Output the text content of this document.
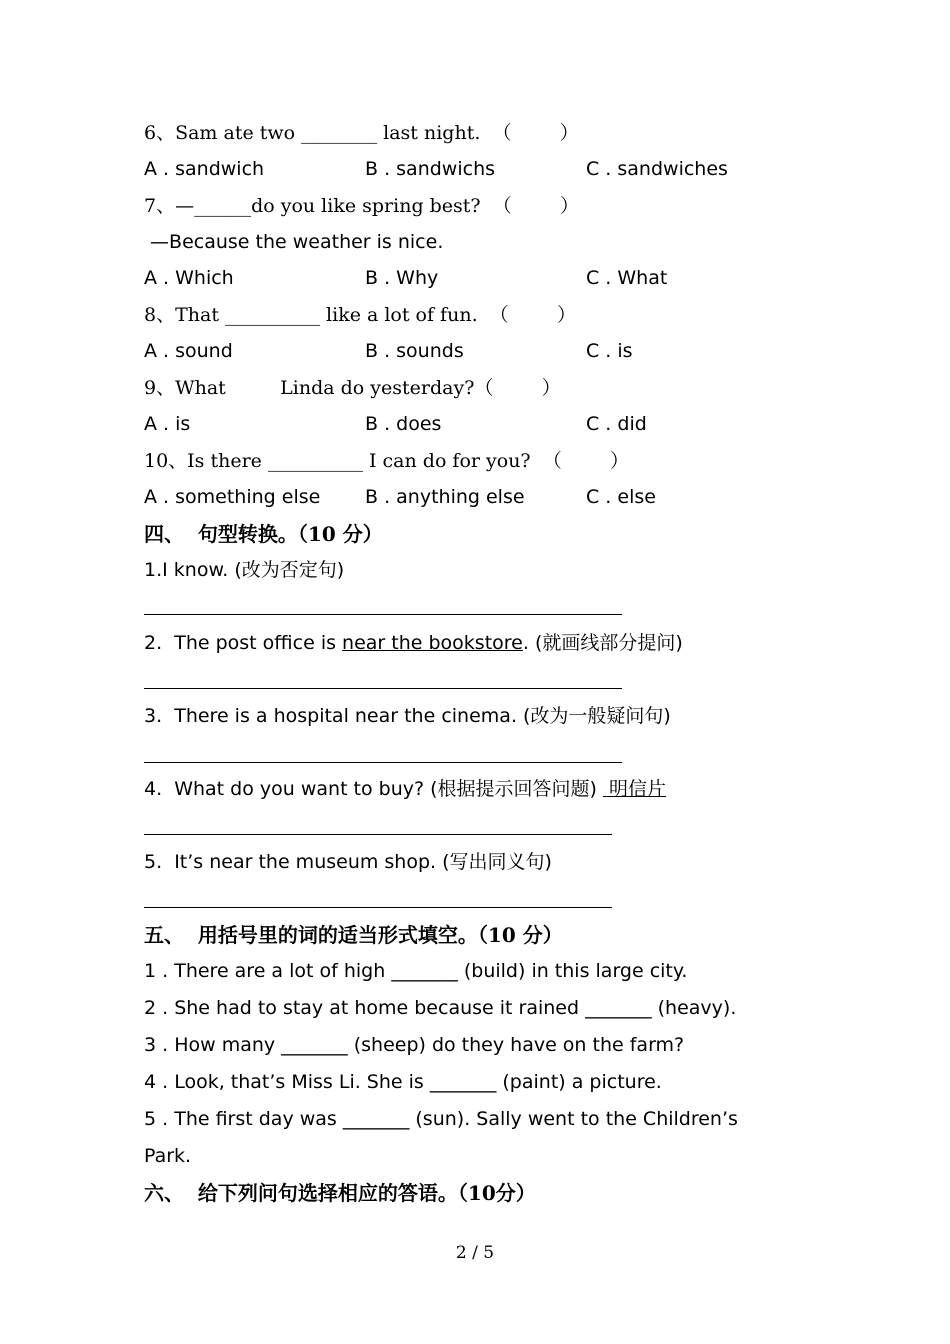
6、Sam ate two ________ last night.  （        ）
A . sandwich	B . sandwichs	C . sandwiches
7、—______do you like spring best?  （        ）
—Because the weather is nice.
A . Which	B . Why	C . What
8、That __________ like a lot of fun.  （        ）
A . sound	B . sounds	C . is
9、What         Linda do yesterday?（        ）
A . is	B . does	C . did
10、Is there __________ I can do for you?  （        ）
A . something else B . anything else	C . else
四、  句型转换。（10 分）
1.I know. (改为否定句)
2.  The post office is near the bookstore. (就画线部分提问)
3.  There is a hospital near the cinema. (改为一般疑问句)
4.  What do you want to buy? (根据提示回答问题)  明信片
5.  It’s near the museum shop. (写出同义句)
五、  用括号里的词的适当形式填空。（10 分）
1 . There are a lot of high _______ (build) in this large city.
2 . She had to stay at home because it rained _______ (heavy).
3 . How many _______ (sheep) do they have on the farm?
4 . Look, that’s Miss Li. She is _______ (paint) a picture.
5 . The first day was _______ (sun). Sally went to the Children’s
Park.
六、  给下列问句选择相应的答语。（10分）
2 / 5
